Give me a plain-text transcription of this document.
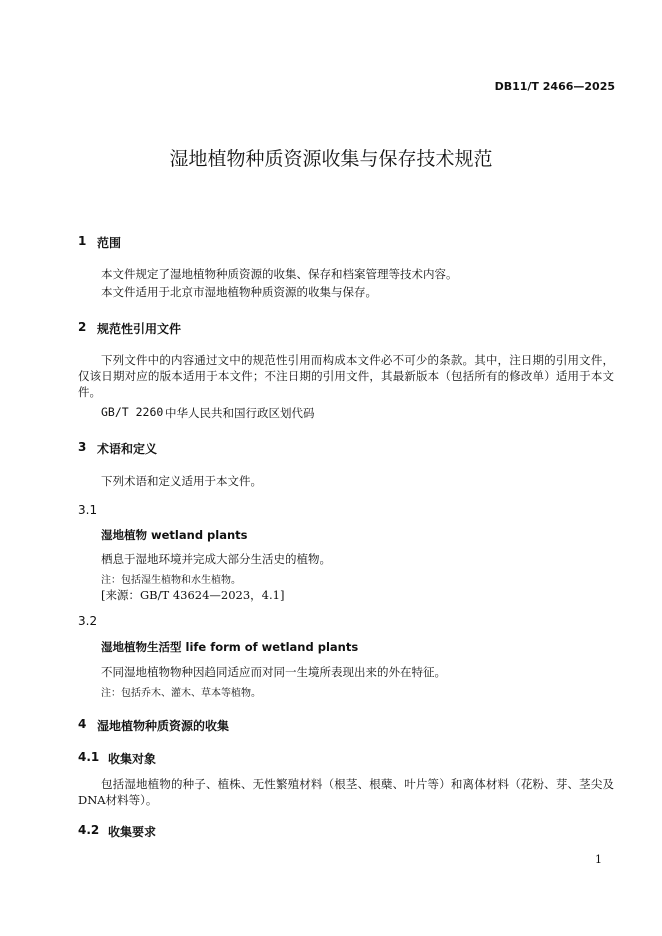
DB11/T 2466—2025
湿地植物种质资源收集与保存技术规范
1 范围
本文件规定了湿地植物种质资源的收集、保存和档案管理等技术内容。
本文件适用于北京市湿地植物种质资源的收集与保存。
2 规范性引用文件
下列文件中的内容通过文中的规范性引用而构成本文件必不可少的条款。其中，注日期的引用文件，仅该日期对应的版本适用于本文件；不注日期的引用文件，其最新版本（包括所有的修改单）适用于本文件。
GB/T 2260 中华人民共和国行政区划代码
3 术语和定义
下列术语和定义适用于本文件。
3.1
湿地植物 wetland plants
栖息于湿地环境并完成大部分生活史的植物。
注：包括湿生植物和水生植物。
[来源：GB/T 43624—2023，4.1]
3.2
湿地植物生活型 life form of wetland plants
不同湿地植物物种因趋同适应而对同一生境所表现出来的外在特征。
注：包括乔木、灌木、草本等植物。
4 湿地植物种质资源的收集
4.1 收集对象
包括湿地植物的种子、植株、无性繁殖材料（根茎、根蘖、叶片等）和离体材料（花粉、芽、茎尖及DNA材料等）。
4.2 收集要求
1
